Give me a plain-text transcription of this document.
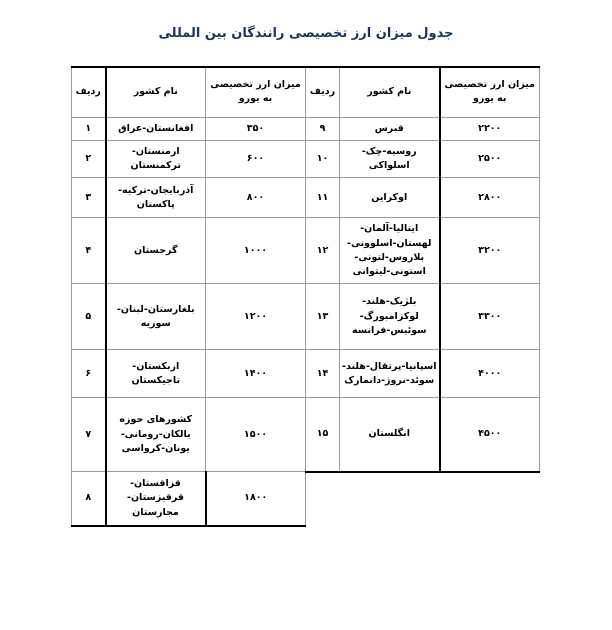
جدول میزان ارز تخصیصی رانندگان بین المللی
میزان ارز تخصیصی به یورو	نام کشور	ردیف	میزان ارز تخصیصی به یورو	نام کشور	ردیف
۲۲۰۰	قبرس	۹	۳۵۰	افغانستان-عراق	۱
۲۵۰۰	روسیه-چک-اسلواکی	۱۰	۶۰۰	ارمنستان-ترکمنستان	۲
۲۸۰۰	اوکراین	۱۱	۸۰۰	آذربایجان-ترکیه-پاکستان	۳
۳۲۰۰	ایتالیا-آلمان-لهستان-اسلوونی-بلاروس-لتونی-استونی-لیتوانی	۱۲	۱۰۰۰	گرجستان	۴
۳۳۰۰	بلژیک-هلند-لوکزامبورگ-سوئیس-فرانسه	۱۳	۱۲۰۰	بلغارستان-لبنان-سوریه	۵
۴۰۰۰	اسپانیا-پرتقال-هلند-سوئد-نروژ-دانمارک	۱۴	۱۴۰۰	ازبکستان-تاجیکستان	۶
۴۵۰۰	انگلستان	۱۵	۱۵۰۰	کشورهای حوزه بالکان-رومانی-یونان-کرواسی	۷
			۱۸۰۰	قزاقستان-قرقیزستان-مجارستان	۸
